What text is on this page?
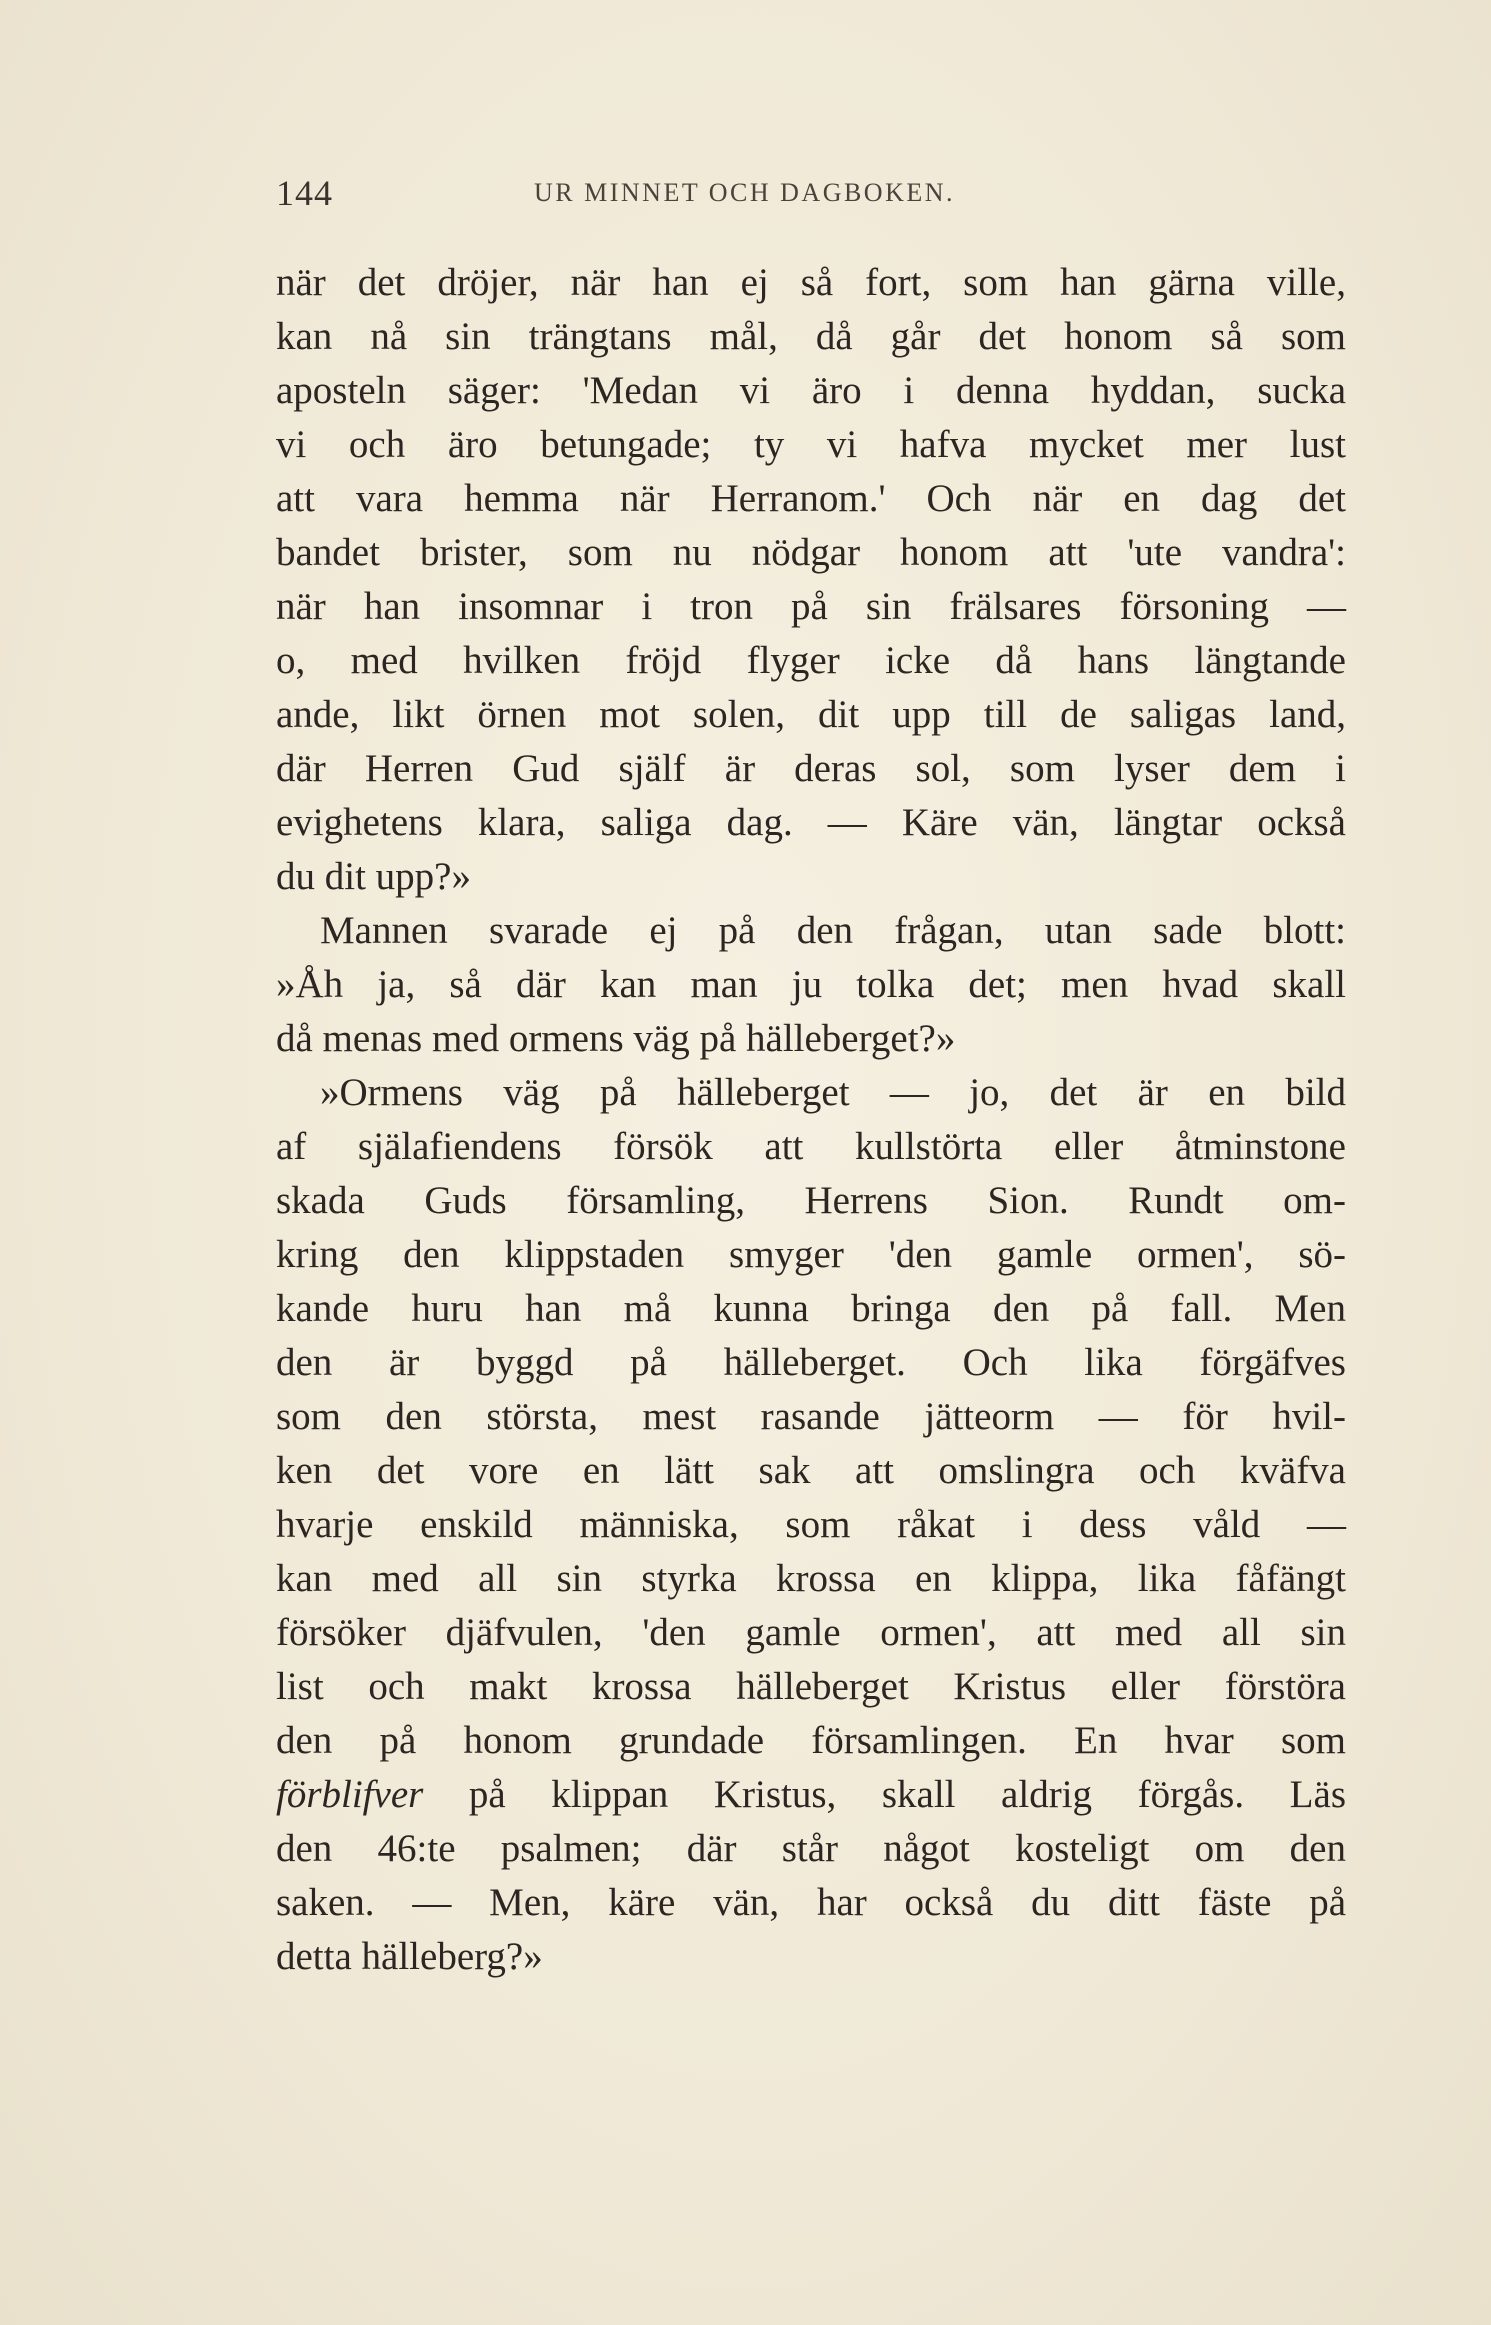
144	UR MINNET OCH DAGBOKEN.
när det dröjer, när han ej så fort, som han gärna ville,
kan nå sin trängtans mål, då går det honom så som
aposteln säger: 'Medan vi äro i denna hyddan, sucka
vi och äro betungade; ty vi hafva mycket mer lust
att vara hemma när Herranom.' Och när en dag det
bandet brister, som nu nödgar honom att 'ute vandra':
när han insomnar i tron på sin frälsares försoning —
o, med hvilken fröjd flyger icke då hans längtande
ande, likt örnen mot solen, dit upp till de saligas land,
där Herren Gud själf är deras sol, som lyser dem i
evighetens klara, saliga dag. — Käre vän, längtar också
du dit upp?»
Mannen svarade ej på den frågan, utan sade blott:
»Åh ja, så där kan man ju tolka det; men hvad skall
då menas med ormens väg på hälleberget?»
»Ormens väg på hälleberget — jo, det är en bild
af själafiendens försök att kullstörta eller åtminstone
skada Guds församling, Herrens Sion. Rundt om-
kring den klippstaden smyger 'den gamle ormen', sö-
kande huru han må kunna bringa den på fall. Men
den är byggd på hälleberget. Och lika förgäfves
som den största, mest rasande jätteorm — för hvil-
ken det vore en lätt sak att omslingra och kväfva
hvarje enskild människa, som råkat i dess våld —
kan med all sin styrka krossa en klippa, lika fåfängt
försöker djäfvulen, 'den gamle ormen', att med all sin
list och makt krossa hälleberget Kristus eller förstöra
den på honom grundade församlingen. En hvar som
förblifver på klippan Kristus, skall aldrig förgås. Läs
den 46:te psalmen; där står något kosteligt om den
saken. — Men, käre vän, har också du ditt fäste på
detta hälleberg?»
